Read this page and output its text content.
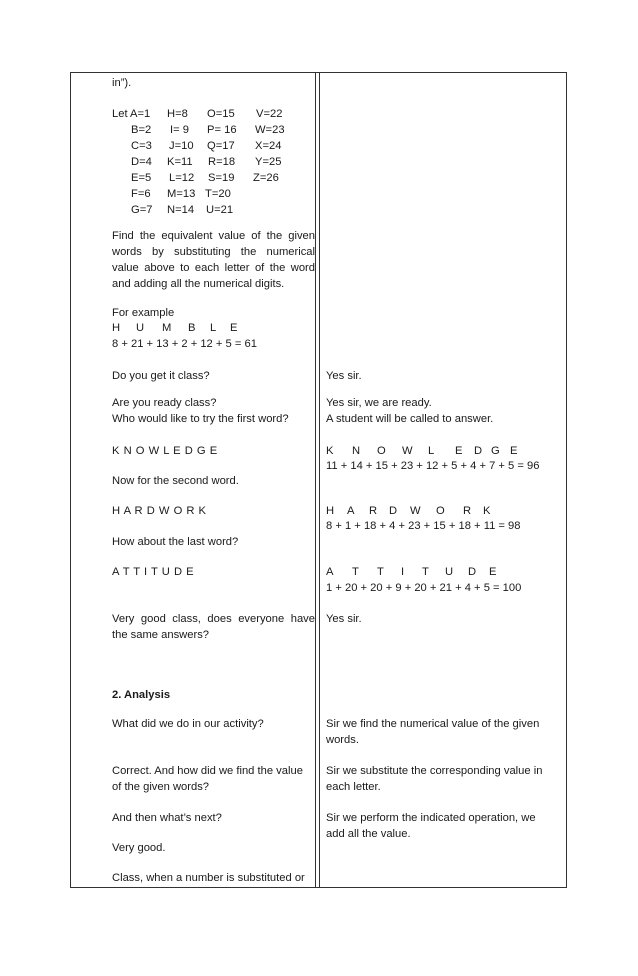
in”).
Let A=1
B=2
C=3
D=4
E=5
F=6
G=7
H=8
I= 9
J=10
K=11
L=12
M=13
N=14
O=15
P= 16
Q=17
R=18
S=19
T=20
U=21
V=22
W=23
X=24
Y=25
Z=26
Find the equivalent value of the given
words by substituting the numerical
value above to each letter of the word
and adding all the numerical digits.
For example
H U M B L E
8 + 21 + 13 + 2 + 12 + 5 = 61
Do you get it class?
Are you ready class?
Who would like to try the first word?
K N O W L E D G E
Now for the second word.
H A R D W O R K
How about the last word?
A T T I T U D E
Very good class, does everyone have
the same answers?
2. Analysis
What did we do in our activity?
Correct. And how did we find the value
of the given words?
And then what’s next?
Very good.
Class, when a number is substituted or
Yes sir.
Yes sir, we are ready.
A student will be called to answer.
K N O W L E D G E
11 + 14 + 15 + 23 + 12 + 5 + 4 + 7 + 5 = 96
H A R D W O R K
8 + 1 + 18 + 4 + 23 + 15 + 18 + 11 = 98
A T T I T U D E
1 + 20 + 20 + 9 + 20 + 21 + 4 + 5 = 100
Yes sir.
Sir we find the numerical value of the given words.
Sir we substitute the corresponding value in each letter.
Sir we perform the indicated operation, we add all the value.
